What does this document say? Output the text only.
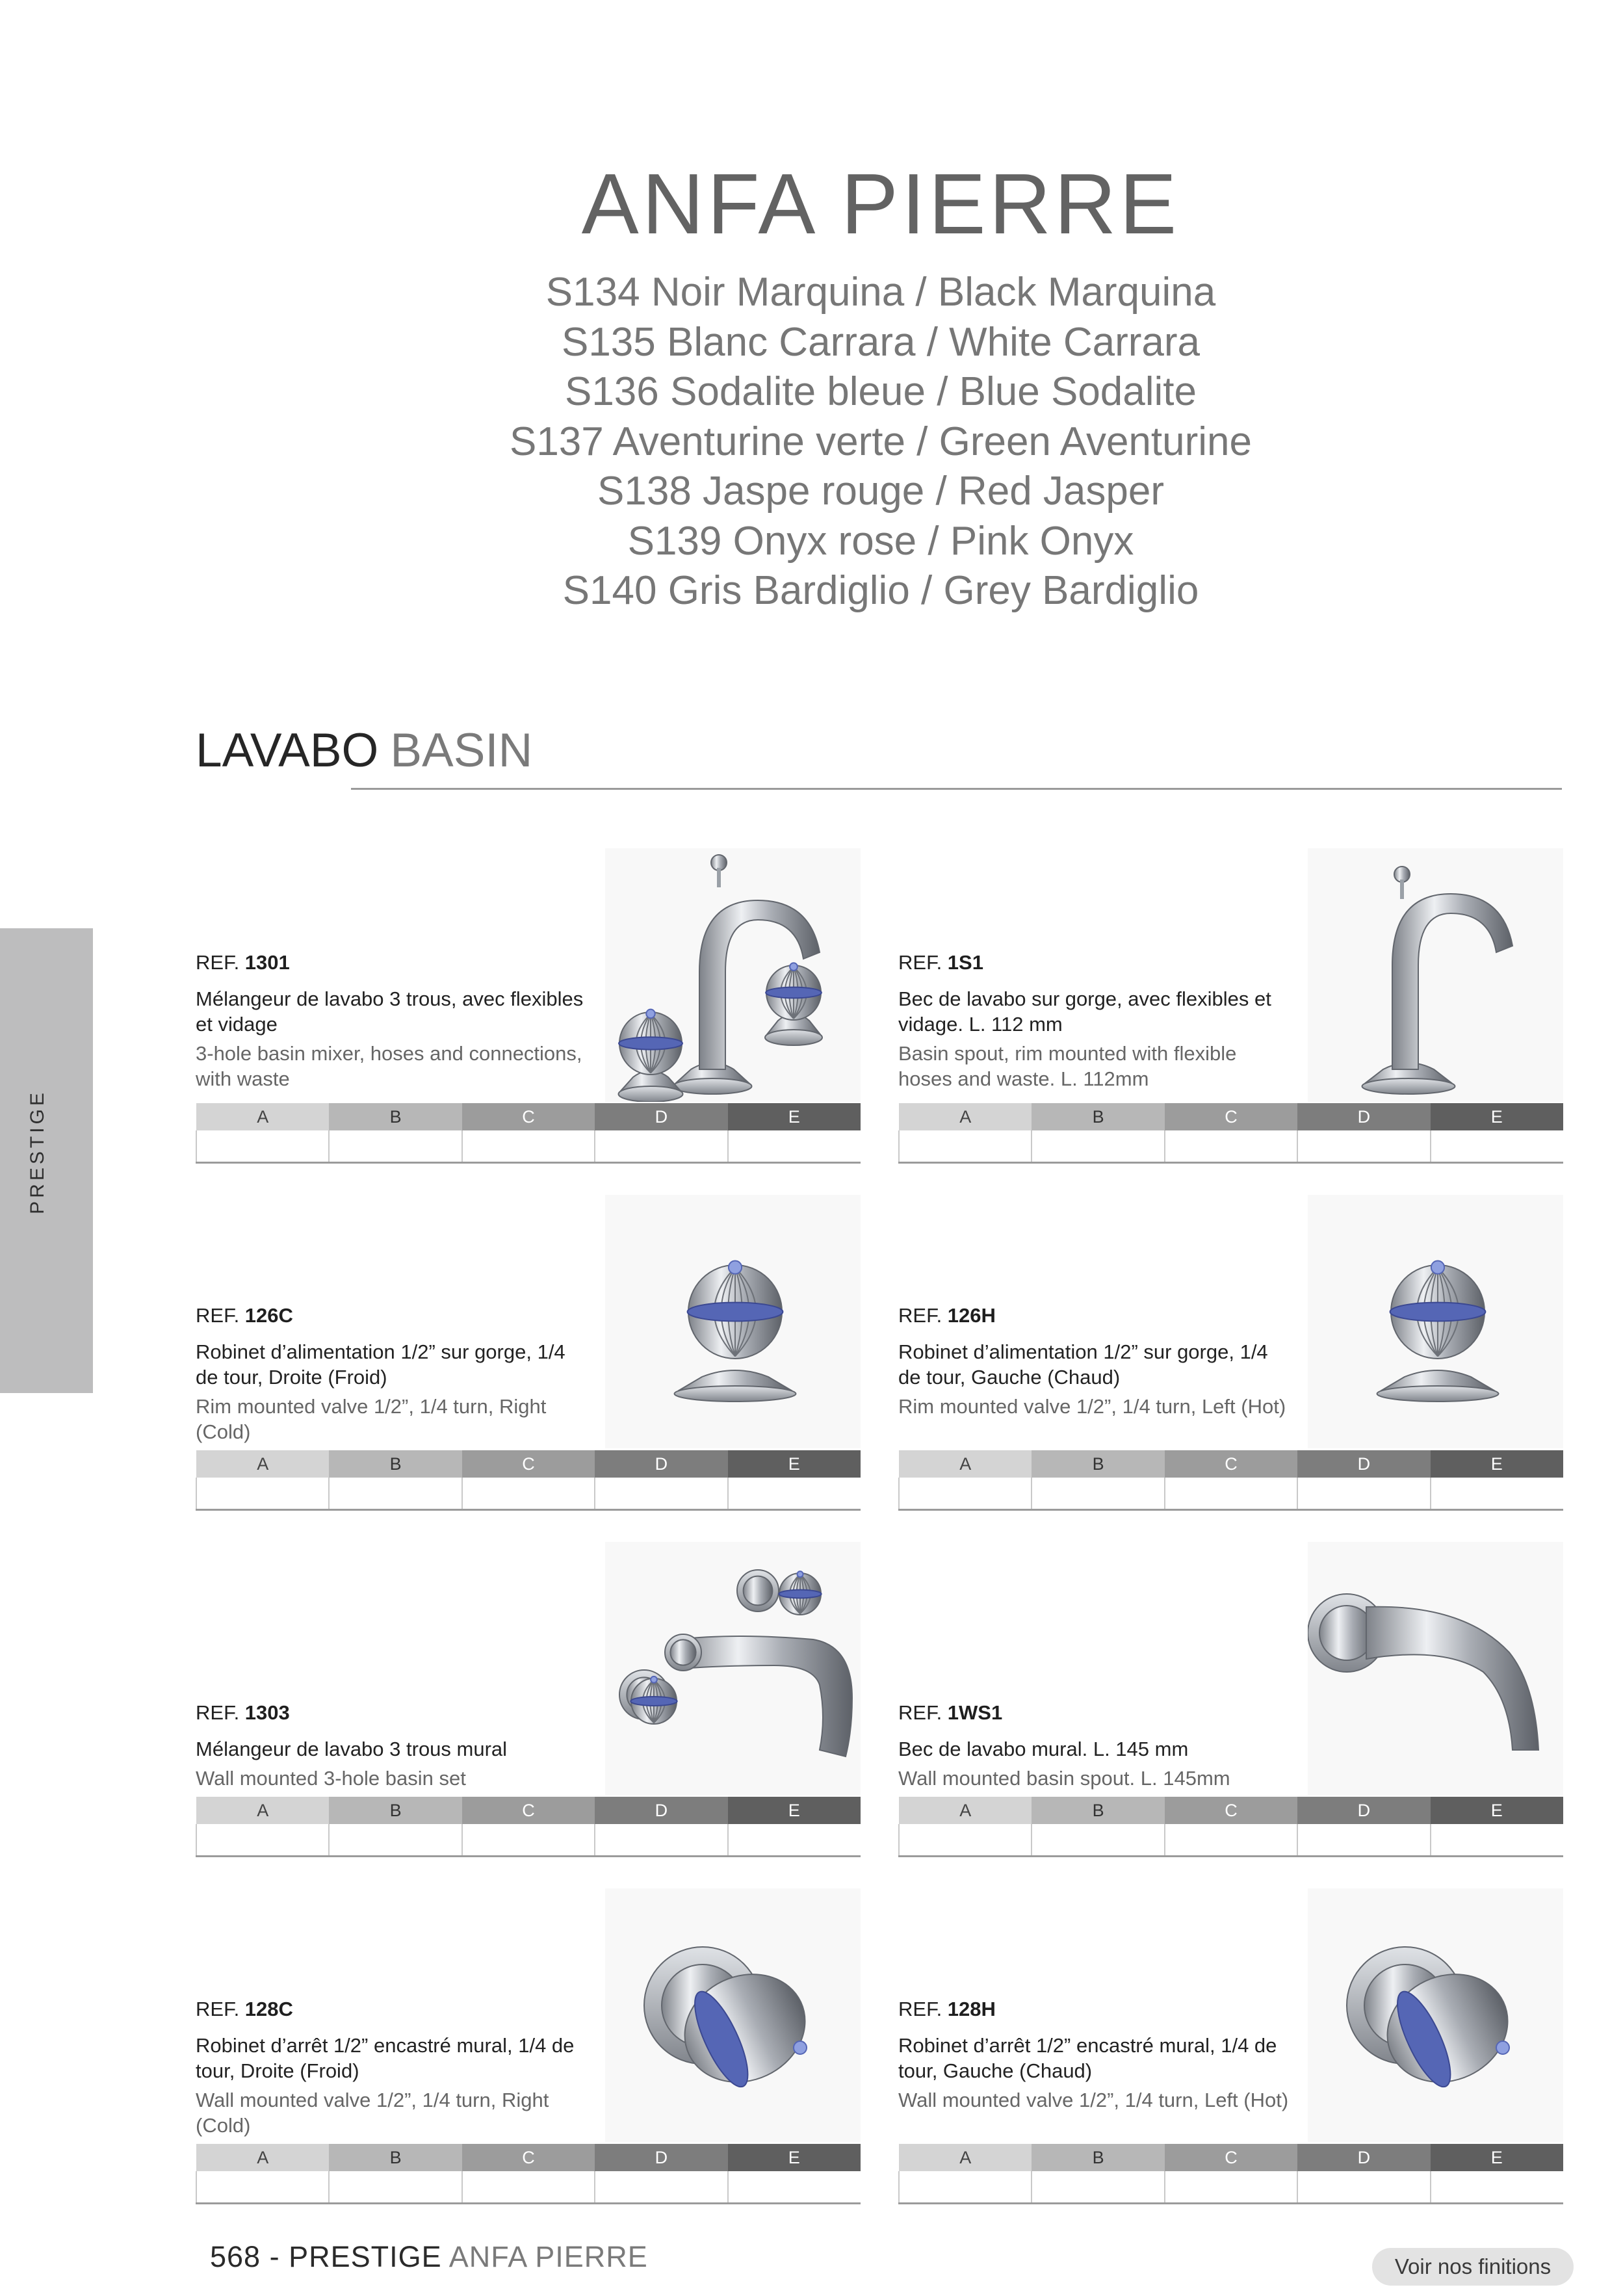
ANFA PIERRE
S134 Noir Marquina / Black Marquina
S135 Blanc Carrara / White Carrara
S136 Sodalite bleue / Blue Sodalite
S137 Aventurine verte / Green Aventurine
S138 Jaspe rouge / Red Jasper
S139 Onyx rose / Pink Onyx
S140 Gris Bardiglio / Grey Bardiglio
LAVABO BASIN
PRESTIGE

REF. 1301

Mélangeur de lavabo 3 trous, avec flexibles et vidage

3-hole basin mixer, hoses and connections, with waste

A	B	C	D	E

REF. 1S1

Bec de lavabo sur gorge, avec flexibles et vidage. L. 112 mm

Basin spout, rim mounted with flexible hoses and waste. L. 112mm

A	B	C	D	E

REF. 126C

Robinet d’alimentation 1/2” sur gorge, 1/4 de tour, Droite (Froid)

Rim mounted valve 1/2”, 1/4 turn, Right (Cold)

A	B	C	D	E

REF. 126H

Robinet d’alimentation 1/2” sur gorge, 1/4 de tour, Gauche (Chaud)

Rim mounted valve 1/2”, 1/4 turn, Left (Hot)

A	B	C	D	E

REF. 1303

Mélangeur de lavabo 3 trous mural

Wall mounted 3-hole basin set

A	B	C	D	E

REF. 1WS1

Bec de lavabo mural. L. 145 mm

Wall mounted basin spout. L. 145mm

A	B	C	D	E

REF. 128C

Robinet d’arrêt 1/2” encastré mural, 1/4 de tour, Droite (Froid)

Wall mounted valve 1/2”, 1/4 turn, Right (Cold)

A	B	C	D	E

REF. 128H

Robinet d’arrêt 1/2” encastré mural, 1/4 de tour, Gauche (Chaud)

Wall mounted valve 1/2”, 1/4 turn, Left (Hot)

A	B	C	D	E

568 - PRESTIGE ANFA PIERRE	Voir nos finitions
